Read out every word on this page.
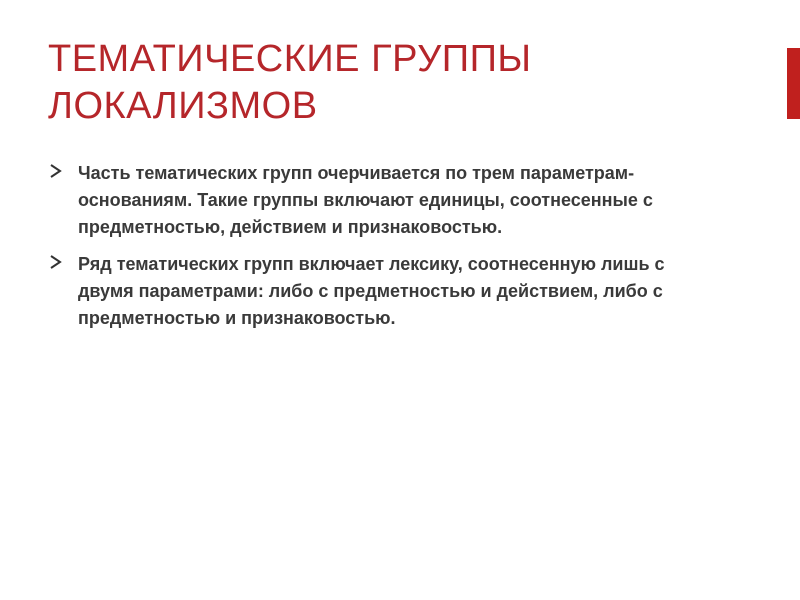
ТЕМАТИЧЕСКИЕ ГРУППЫ
ЛОКАЛИЗМОВ
Часть тематических групп очерчивается по трем параметрам-основаниям. Такие группы включают единицы, соотнесенные с предметностью, действием и признаковостью.
Ряд тематических групп включает лексику, соотнесенную лишь с двумя параметрами: либо с предметностью и действием, либо с предметностью и признаковостью.
